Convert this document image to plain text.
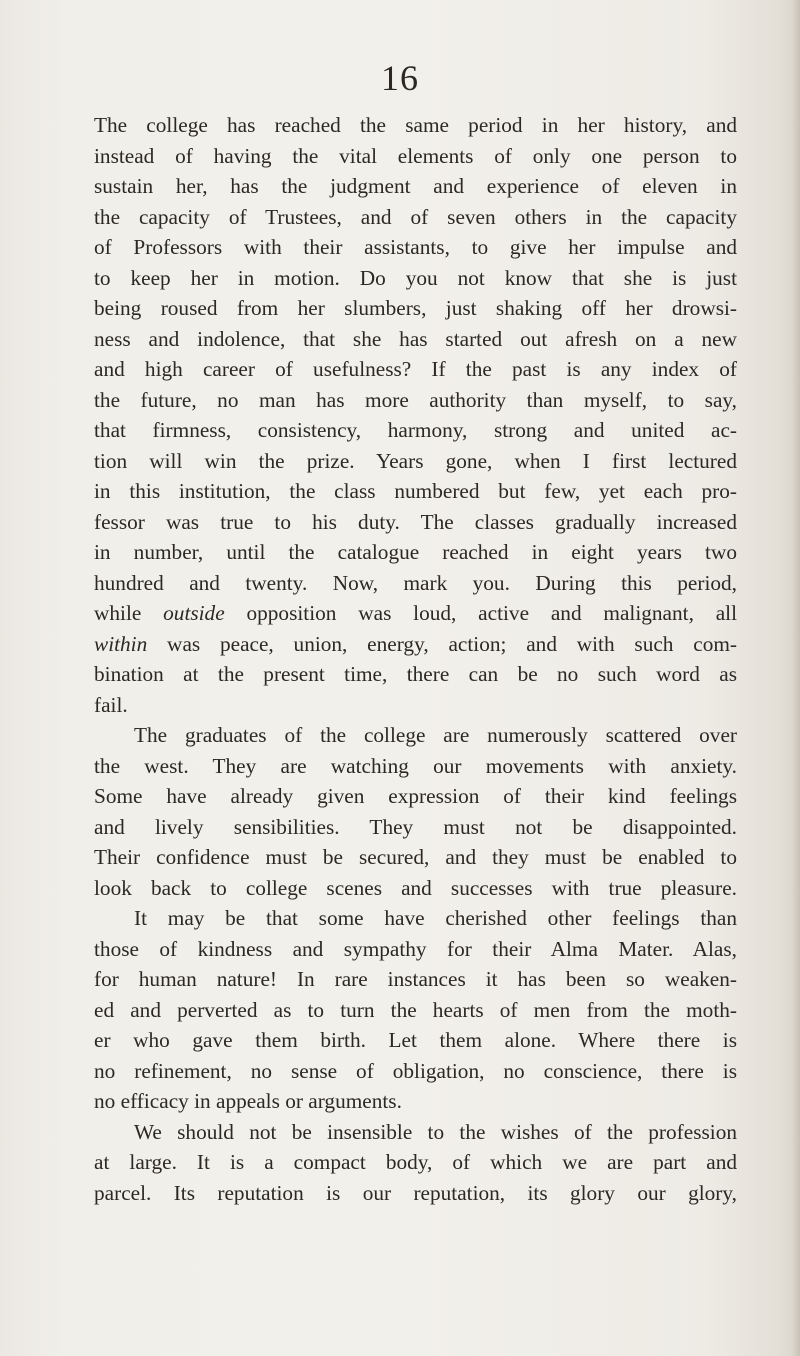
16
The college has reached the same period in her history, and
instead of having the vital elements of only one person to
sustain her, has the judgment and experience of eleven in
the capacity of Trustees, and of seven others in the capacity
of Professors with their assistants, to give her impulse and
to keep her in motion. Do you not know that she is just
being roused from her slumbers, just shaking off her drowsi-
ness and indolence, that she has started out afresh on a new
and high career of usefulness? If the past is any index of
the future, no man has more authority than myself, to say,
that firmness, consistency, harmony, strong and united ac-
tion will win the prize. Years gone, when I first lectured
in this institution, the class numbered but few, yet each pro-
fessor was true to his duty. The classes gradually increased
in number, until the catalogue reached in eight years two
hundred and twenty. Now, mark you. During this period,
while outside opposition was loud, active and malignant, all
within was peace, union, energy, action; and with such com-
bination at the present time, there can be no such word as
fail.
The graduates of the college are numerously scattered over
the west. They are watching our movements with anxiety.
Some have already given expression of their kind feelings
and lively sensibilities. They must not be disappointed.
Their confidence must be secured, and they must be enabled to
look back to college scenes and successes with true pleasure.
It may be that some have cherished other feelings than
those of kindness and sympathy for their Alma Mater. Alas,
for human nature! In rare instances it has been so weaken-
ed and perverted as to turn the hearts of men from the moth-
er who gave them birth. Let them alone. Where there is
no refinement, no sense of obligation, no conscience, there is
no efficacy in appeals or arguments.
We should not be insensible to the wishes of the profession
at large. It is a compact body, of which we are part and
parcel. Its reputation is our reputation, its glory our glory,
